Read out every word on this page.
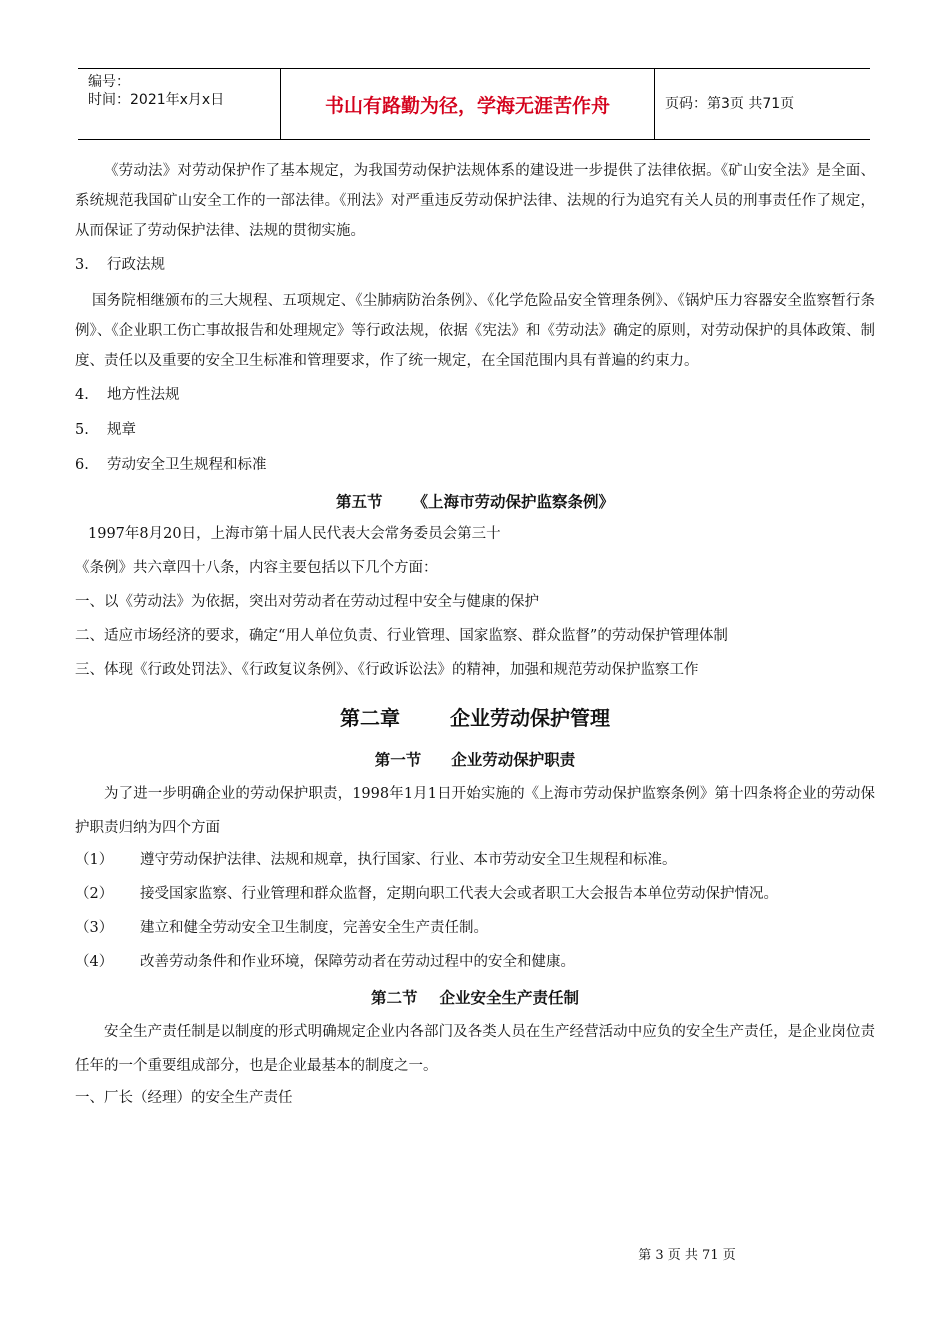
编号：
时间：2021年x月x日	书山有路勤为径，学海无涯苦作舟	页码：第3页 共71页
《劳动法》对劳动保护作了基本规定，为我国劳动保护法规体系的建设进一步提供了法律依据。《矿山安全法》是全面、系统规范我国矿山安全工作的一部法律。《刑法》对严重违反劳动保护法律、法规的行为追究有关人员的刑事责任作了规定，从而保证了劳动保护法律、法规的贯彻实施。
3. 行政法规
国务院相继颁布的三大规程、五项规定、《尘肺病防治条例》、《化学危险品安全管理条例》、《锅炉压力容器安全监察暂行条例》、《企业职工伤亡事故报告和处理规定》等行政法规，依据《宪法》和《劳动法》确定的原则，对劳动保护的具体政策、制度、责任以及重要的安全卫生标准和管理要求，作了统一规定，在全国范围内具有普遍的约束力。
4. 地方性法规
5. 规章
6. 劳动安全卫生规程和标准
第五节 《上海市劳动保护监察条例》
1997年8月20日，上海市第十届人民代表大会常务委员会第三十
《条例》共六章四十八条，内容主要包括以下几个方面：
一、以《劳动法》为依据，突出对劳动者在劳动过程中安全与健康的保护
二、适应市场经济的要求，确定“用人单位负责、行业管理、国家监察、群众监督”的劳动保护管理体制
三、体现《行政处罚法》、《行政复议条例》、《行政诉讼法》的精神，加强和规范劳动保护监察工作
第二章	企业劳动保护管理
第一节 企业劳动保护职责
为了进一步明确企业的劳动保护职责，1998年1月1日开始实施的《上海市劳动保护监察条例》第十四条将企业的劳动保护职责归纳为四个方面
（1） 遵守劳动保护法律、法规和规章，执行国家、行业、本市劳动安全卫生规程和标准。
（2） 接受国家监察、行业管理和群众监督，定期向职工代表大会或者职工大会报告本单位劳动保护情况。
（3） 建立和健全劳动安全卫生制度，完善安全生产责任制。
（4） 改善劳动条件和作业环境，保障劳动者在劳动过程中的安全和健康。
第二节 企业安全生产责任制
安全生产责任制是以制度的形式明确规定企业内各部门及各类人员在生产经营活动中应负的安全生产责任，是企业岗位责任年的一个重要组成部分，也是企业最基本的制度之一。
一、厂长（经理）的安全生产责任
第 3 页 共 71 页
